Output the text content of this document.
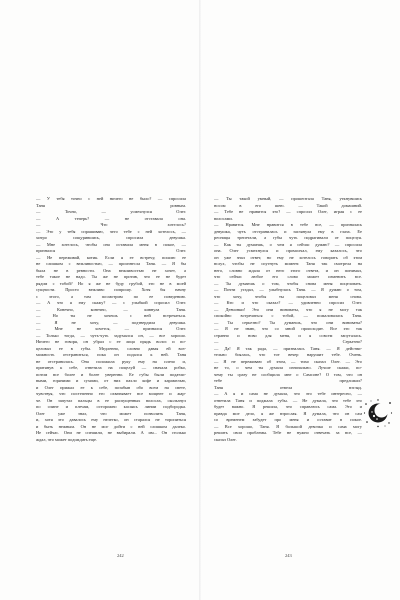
— У тебя точно с ней ничего не было? — спросила
Таня ровным.
— Точно, — усмехнулся Олег.
— А теперь? — не отставала она.
— Что хотелось?
— Это у тебя спрашиваю, чего тебе с ней хотелось, —
хитро сощурившись, спросила девушка.
— Мне хотелось, чтобы она оставила меня в покое, —
признался Олег.
— Не переживай, котик. Если я ее встречу, пошлю ее
не слишком с вежливостью, — произнесла Таня. — Я бы
была не в ревности. Она вежливостью не хочет, а
тебе такое не надо. Ты же не против, что ее не будет
рядом с тобой? Но я же не буду грубой, это не в моей
сущности. Просто вежливо попрошу. Хотя бы начну
с этого, а там посмотрим по ее поведению.
— А что я ему скажу? — с улыбкой спросил Олег.
— Конечно, конечно, — кивнула Таня.
— Но ты не хочешь с ней встречаться.
— Я не хочу, — подтвердила девушка.
— Мне не хочется, — признался Олег.
— Только тогда, — чуть-чуть задумался он, — все хорошо.
Ничего не говоря, он убрал с ее лица прядь волос и по-
целовал ее в губы. Медленно, словно давая ей воз-
можность отстраниться, пока он подался к ней. Таня
не отстранилась. Она положила руку ему на плечо и,
притянув к себе, ответила на поцелуй — сначала робко,
потом все более и более уверенно. Ее губы были податли-
выми, горячими и сухими, от них пахло кофе и карамелью,
и Олег прижал ее к себе, позабыв обо всем на свете,
чувствуя, что постепенно его охватывает все мощнее и жар-
че. Он запутал пальцы в ее распущенных волосах, скользнул
по спине и плечам, осторожно касаясь линии подбородка.
Олег уже знал, что может позволить Таня,
и, хотя это давалось ему нелегко, он старался не торопиться
и быть нежным. Он не мог дойти с ней слишком далеко.
Не сейчас. Они не спешили, не выбирали. А им... Он столько
ждал, что может подождать еще.
— Ты такой умный, — прошептала Таня, уткнувшись
носом в его шею. — Такой домашний.
— Тебе не нравится это? — спросил Олег, играя с ее
волосами.
— Нравится. Мне нравится в тебе все, — призналась
девушка, чуть отстранилась и заглянула ему в глаза. Ее
ресницы трепетали, а губы чуть подрагивали от поцелуя.
— Как ты думаешь, о чем я сейчас думаю? — спросила
она. Олег усмехнулся и промолчал, ему казалось, что
он уже знал ответ, но ему не хотелось говорить об этом
вслух, чтобы не спугнуть момент. Таня так смотрела на
него, словно ждала от него этого ответа, и он понимал,
что сейчас любое его слово может изменить все.
— Ты думаешь о том, чтобы снова меня поцеловать.
— Почти угадал, — улыбнулась Таня. — Я думаю о том,
что хочу, чтобы ты поцеловал меня снова.
— Кто и что сказал? — удивленно спросил Олег.
— Девчонки! Это они виноваты, что я не могу так
спокойно встречаться с тобой, — пожаловалась Таня.
— Ты серьезно? Ты думаешь, что они виноваты?
— Я не знаю, что со мной происходит. Все это так
странно и ново для меня, и я совсем запуталась.
— Серьезно?
— Да! Я так рада, — призналась Таня. — Я действи-
тельно боялась, что тот вечер нарушит тебе. Очень.
— Я не переживаю об этом, — тихо сказал Олег. — Это
не то, о чем ты думала изначально. Лучше скажи, по-
чему ты сразу не сообщила мне о Самсоне? О том, что он
тебе предложил?
Таня отвела взгляд.
— А я и сама не думала, что это тебе интересно, —
ответила Таня и поджала губы. — Не думала, что тебе это
будет важно. Я решила, что справлюсь сама. Это и
правда мое дело, я же взрослая. Я думала, что он сам
со временем забудет про меня и оставит в покое.
— Все хорошо, Таня. Я большой девочка и сама могу
решить свои проблемы. Тебе не нужно отвечать за все, —
сказал Олег.
242	243
